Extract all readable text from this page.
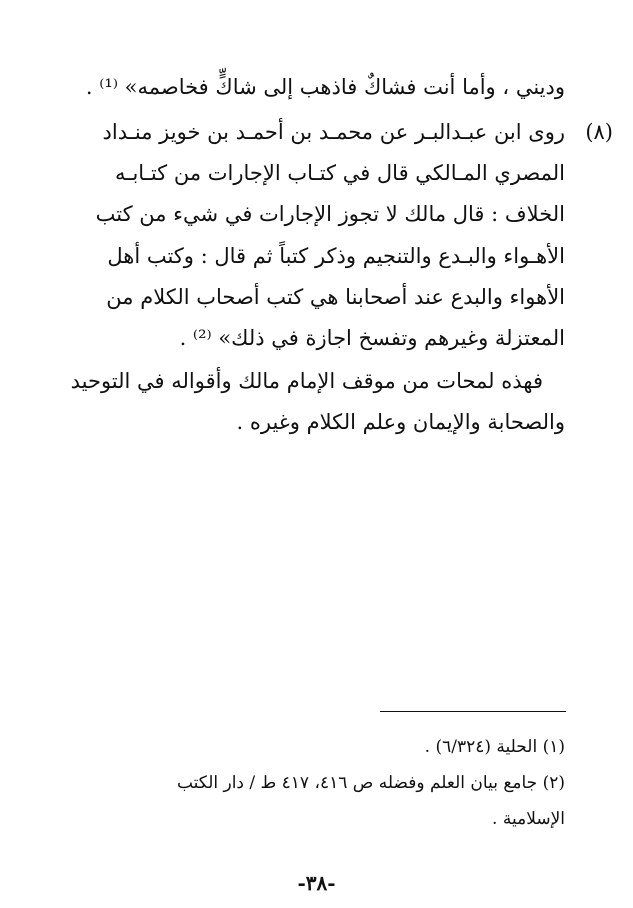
وديني ، وأما أنت فشاكٌ فاذهب إلى شاكٍّ فخاصمه» ⁽¹⁾ .
(٨)
روى ابن عبـدالبـر عن محمـد بن أحمـد بن خويز منـداد
المصري المـالكي قال في كتـاب الإجارات من كتـابـه
الخلاف : قال مالك لا تجوز الإجارات في شيء من كتب
الأهـواء والبـدع والتنجيم وذكر كتباً ثم قال : وكتب أهل
الأهواء والبدع عند أصحابنا هي كتب أصحاب الكلام من
المعتزلة وغيرهم وتفسخ اجازة في ذلك» ⁽²⁾ .
فهذه لمحات من موقف الإمام مالك وأقواله في التوحيد
والصحابة والإيمان وعلم الكلام وغيره .
(١) الحلية (٦/٣٢٤) .
(٢) جامع بيان العلم وفضله ص ٤١٦، ٤١٧ ط / دار الكتب
الإسلامية .
-٣٨-
